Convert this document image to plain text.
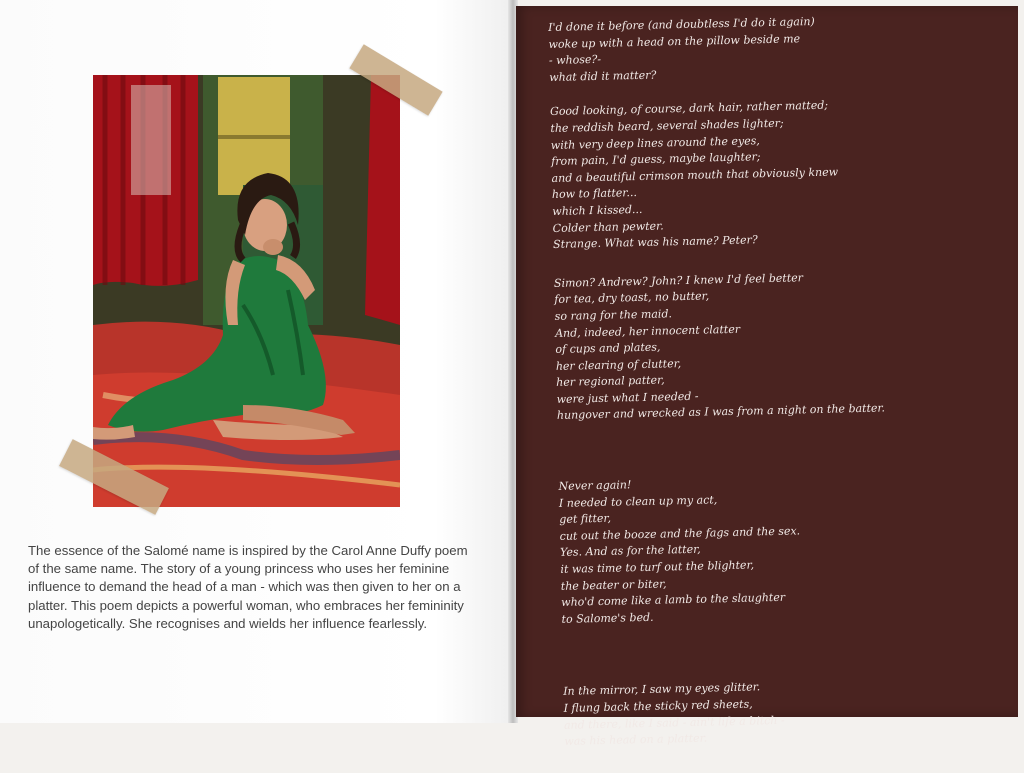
The essence of the Salomé name is inspired by the Carol Anne Duffy poem of the same name. The story of a young princess who uses her feminine influence to demand the head of a man - which was then given to her on a platter. This poem depicts a powerful woman, who embraces her femininity unapologetically. She recognises and wields her influence fearlessly.

I'd done it before (and doubtless I'd do it again)
woke up with a head on the pillow beside me
- whose?-
what did it matter?
Good looking, of course, dark hair, rather matted;
the reddish beard, several shades lighter;
with very deep lines around the eyes,
from pain, I'd guess, maybe laughter;
and a beautiful crimson mouth that obviously knew
how to flatter...
which I kissed...
Colder than pewter.
Strange. What was his name? Peter?
Simon? Andrew? John? I knew I'd feel better
for tea, dry toast, no butter,
so rang for the maid.
And, indeed, her innocent clatter
of cups and plates,
her clearing of clutter,
her regional patter,
were just what I needed -
hungover and wrecked as I was from a night on the batter.
Never again!
I needed to clean up my act,
get fitter,
cut out the booze and the fags and the sex.
Yes. And as for the latter,
it was time to turf out the blighter,
the beater or biter,
who'd come like a lamb to the slaughter
to Salome's bed.
In the mirror, I saw my eyes glitter.
I flung back the sticky red sheets,
and there, like I said - ain't life a bitch -
was his head on a platter.
